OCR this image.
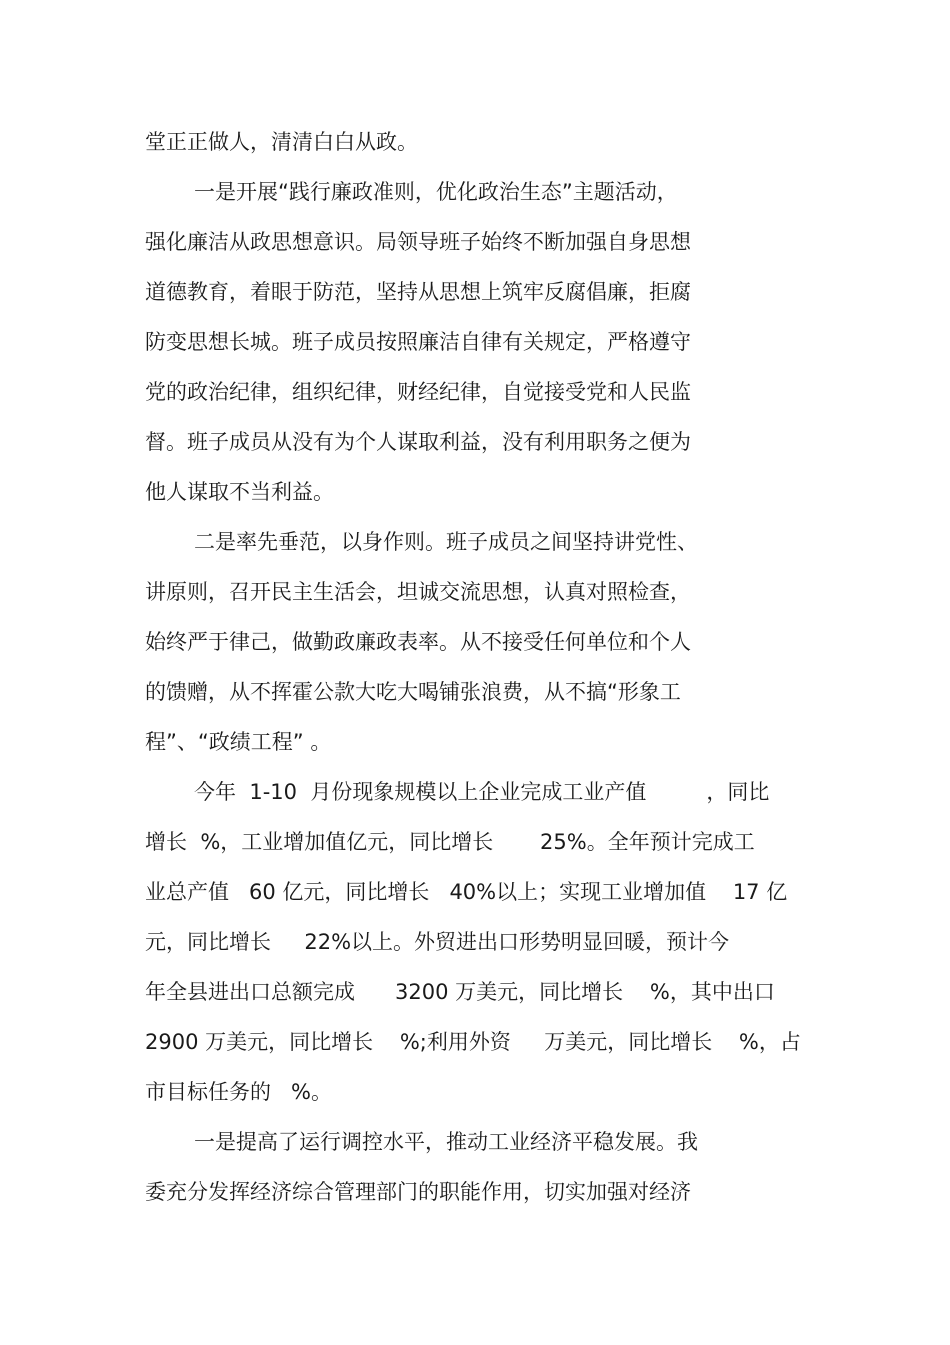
堂正正做人，清清白白从政。
一是开展“践行廉政准则，优化政治生态”主题活动，
强化廉洁从政思想意识。局领导班子始终不断加强自身思想
道德教育，着眼于防范，坚持从思想上筑牢反腐倡廉，拒腐
防变思想长城。班子成员按照廉洁自律有关规定，严格遵守
党的政治纪律，组织纪律，财经纪律，自觉接受党和人民监
督。班子成员从没有为个人谋取利益，没有利用职务之便为
他人谋取不当利益。
二是率先垂范，以身作则。班子成员之间坚持讲党性、
讲原则，召开民主生活会，坦诚交流思想，认真对照检查，
始终严于律己，做勤政廉政表率。从不接受任何单位和个人
的馈赠，从不挥霍公款大吃大喝铺张浪费，从不搞“形象工
程”、“政绩工程” 。
今年  1-10  月份现象规模以上企业完成工业产值         ，同比
增长  %，工业增加值亿元，同比增长       25%。全年预计完成工
业总产值   60 亿元，同比增长   40%以上；实现工业增加值    17 亿
元，同比增长     22%以上。外贸进出口形势明显回暖，预计今
年全县进出口总额完成      3200 万美元，同比增长    %，其中出口
2900 万美元，同比增长    %;利用外资     万美元，同比增长    %，占
市目标任务的   %。
一是提高了运行调控水平，推动工业经济平稳发展。我
委充分发挥经济综合管理部门的职能作用，切实加强对经济
